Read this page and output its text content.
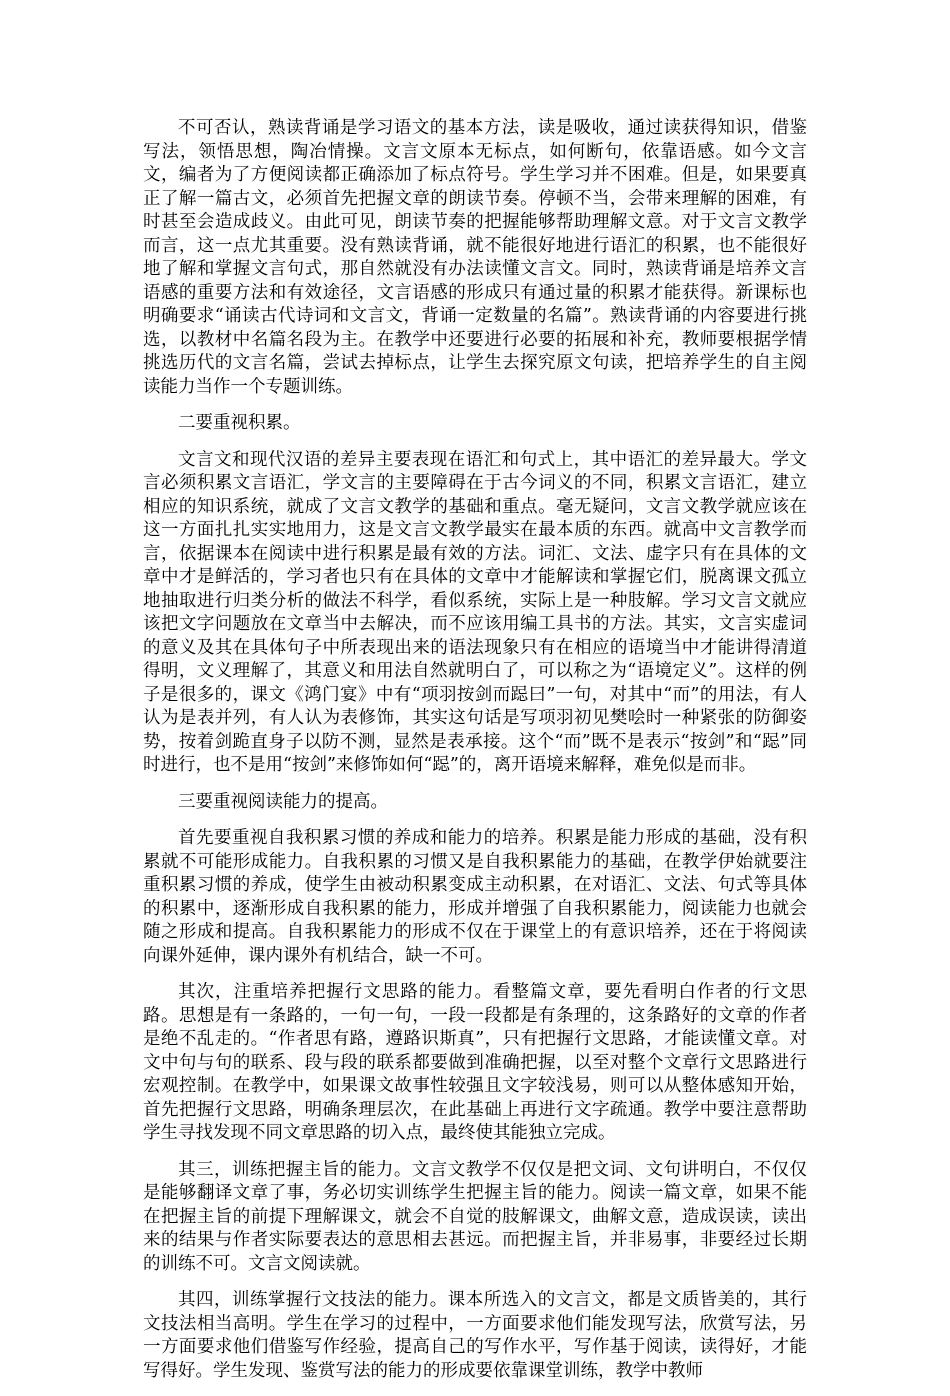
不可否认，熟读背诵是学习语文的基本方法，读是吸收，通过读获得知识，借鉴写法，领悟思想，陶冶情操。文言文原本无标点，如何断句，依靠语感。如今文言文，编者为了方便阅读都正确添加了标点符号。学生学习并不困难。但是，如果要真正了解一篇古文，必须首先把握文章的朗读节奏。停顿不当，会带来理解的困难，有时甚至会造成歧义。由此可见，朗读节奏的把握能够帮助理解文意。对于文言文教学而言，这一点尤其重要。没有熟读背诵，就不能很好地进行语汇的积累，也不能很好地了解和掌握文言句式，那自然就没有办法读懂文言文。同时，熟读背诵是培养文言语感的重要方法和有效途径，文言语感的形成只有通过量的积累才能获得。新课标也明确要求“诵读古代诗词和文言文，背诵一定数量的名篇”。熟读背诵的内容要进行挑选，以教材中名篇名段为主。在教学中还要进行必要的拓展和补充，教师要根据学情挑选历代的文言名篇，尝试去掉标点，让学生去探究原文句读，把培养学生的自主阅读能力当作一个专题训练。

二要重视积累。

文言文和现代汉语的差异主要表现在语汇和句式上，其中语汇的差异最大。学文言必须积累文言语汇，学文言的主要障碍在于古今词义的不同，积累文言语汇，建立相应的知识系统，就成了文言文教学的基础和重点。毫无疑问，文言文教学就应该在这一方面扎扎实实地用力，这是文言文教学最实在最本质的东西。就高中文言教学而言，依据课本在阅读中进行积累是最有效的方法。词汇、文法、虚字只有在具体的文章中才是鲜活的，学习者也只有在具体的文章中才能解读和掌握它们，脱离课文孤立地抽取进行归类分析的做法不科学，看似系统，实际上是一种肢解。学习文言文就应该把文字问题放在文章当中去解决，而不应该用编工具书的方法。其实，文言实虚词的意义及其在具体句子中所表现出来的语法现象只有在相应的语境当中才能讲得清道得明，文义理解了，其意义和用法自然就明白了，可以称之为“语境定义”。这样的例子是很多的，课文《鸿门宴》中有“项羽按剑而跽曰”一句，对其中“而”的用法，有人认为是表并列，有人认为表修饰，其实这句话是写项羽初见樊哙时一种紧张的防御姿势，按着剑跪直身子以防不测，显然是表承接。这个“而”既不是表示“按剑”和“跽”同时进行，也不是用“按剑”来修饰如何“跽”的，离开语境来解释，难免似是而非。

三要重视阅读能力的提高。

首先要重视自我积累习惯的养成和能力的培养。积累是能力形成的基础，没有积累就不可能形成能力。自我积累的习惯又是自我积累能力的基础，在教学伊始就要注重积累习惯的养成，使学生由被动积累变成主动积累，在对语汇、文法、句式等具体的积累中，逐渐形成自我积累的能力，形成并增强了自我积累能力，阅读能力也就会随之形成和提高。自我积累能力的形成不仅在于课堂上的有意识培养，还在于将阅读向课外延伸，课内课外有机结合，缺一不可。

其次，注重培养把握行文思路的能力。看整篇文章，要先看明白作者的行文思路。思想是有一条路的，一句一句，一段一段都是有条理的，这条路好的文章的作者是绝不乱走的。“作者思有路，遵路识斯真”，只有把握行文思路，才能读懂文章。对文中句与句的联系、段与段的联系都要做到准确把握，以至对整个文章行文思路进行宏观控制。在教学中，如果课文故事性较强且文字较浅易，则可以从整体感知开始，首先把握行文思路，明确条理层次，在此基础上再进行文字疏通。教学中要注意帮助学生寻找发现不同文章思路的切入点，最终使其能独立完成。

其三，训练把握主旨的能力。文言文教学不仅仅是把文词、文句讲明白，不仅仅是能够翻译文章了事，务必切实训练学生把握主旨的能力。阅读一篇文章，如果不能在把握主旨的前提下理解课文，就会不自觉的肢解课文，曲解文意，造成误读，读出来的结果与作者实际要表达的意思相去甚远。而把握主旨，并非易事，非要经过长期的训练不可。文言文阅读就。

其四，训练掌握行文技法的能力。课本所选入的文言文，都是文质皆美的，其行文技法相当高明。学生在学习的过程中，一方面要求他们能发现写法，欣赏写法，另一方面要求他们借鉴写作经验，提高自己的写作水平，写作基于阅读，读得好，才能写得好。学生发现、鉴赏写法的能力的形成要依靠课堂训练，教学中教师
